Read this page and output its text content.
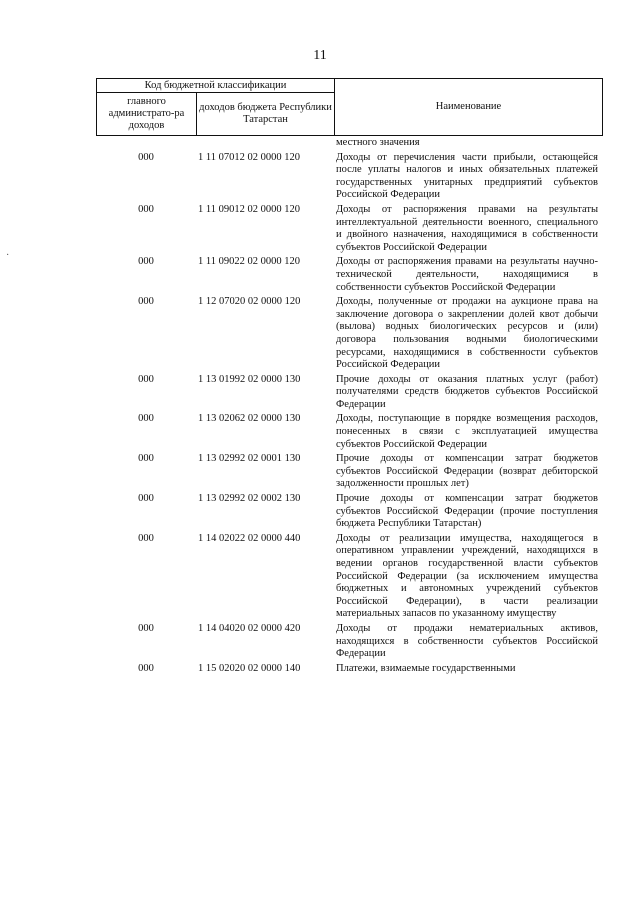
11
·
Код бюджетной классификации		Наименование
главного администрато-ра доходов	доходов бюджета Республики Татарстан	
местного значения
000	1 11 07012 02 0000 120	Доходы от перечисления части прибыли, остающейся после уплаты налогов и иных обязательных платежей государственных унитарных предприятий субъектов Российской Федерации
000	1 11 09012 02 0000 120	Доходы от распоряжения правами на результаты интеллектуальной деятельности военного, специального и двойного назначения, находящимися в собственности субъектов Российской Федерации
000	1 11 09022 02 0000 120	Доходы от распоряжения правами на результаты научно-технической деятельности, находящимися в собственности субъектов Российской Федерации
000	1 12 07020 02 0000 120	Доходы, полученные от продажи на аукционе права на заключение договора о закреплении долей квот добычи (вылова) водных биологических ресурсов и (или) договора пользования водными биологическими ресурсами, находящимися в собственности субъектов Российской Федерации
000	1 13 01992 02 0000 130	Прочие доходы от оказания платных услуг (работ) получателями средств бюджетов субъектов Российской Федерации
000	1 13 02062 02 0000 130	Доходы, поступающие в порядке возмещения расходов, понесенных в связи с эксплуатацией имущества субъектов Российской Федерации
000	1 13 02992 02 0001 130	Прочие доходы от компенсации затрат бюджетов субъектов Российской Федерации (возврат дебиторской задолженности прошлых лет)
000	1 13 02992 02 0002 130	Прочие доходы от компенсации затрат бюджетов субъектов Российской Федерации (прочие поступления бюджета Республики Татарстан)
000	1 14 02022 02 0000 440	Доходы от реализации имущества, находящегося в оперативном управлении учреждений, находящихся в ведении органов государственной власти субъектов Российской Федерации (за исключением имущества бюджетных и автономных учреждений субъектов Российской Федерации), в части реализации материальных запасов по указанному имуществу
000	1 14 04020 02 0000 420	Доходы от продажи нематериальных активов, находящихся в собственности субъектов Российской Федерации
000	1 15 02020 02 0000 140	Платежи, взимаемые государственными
